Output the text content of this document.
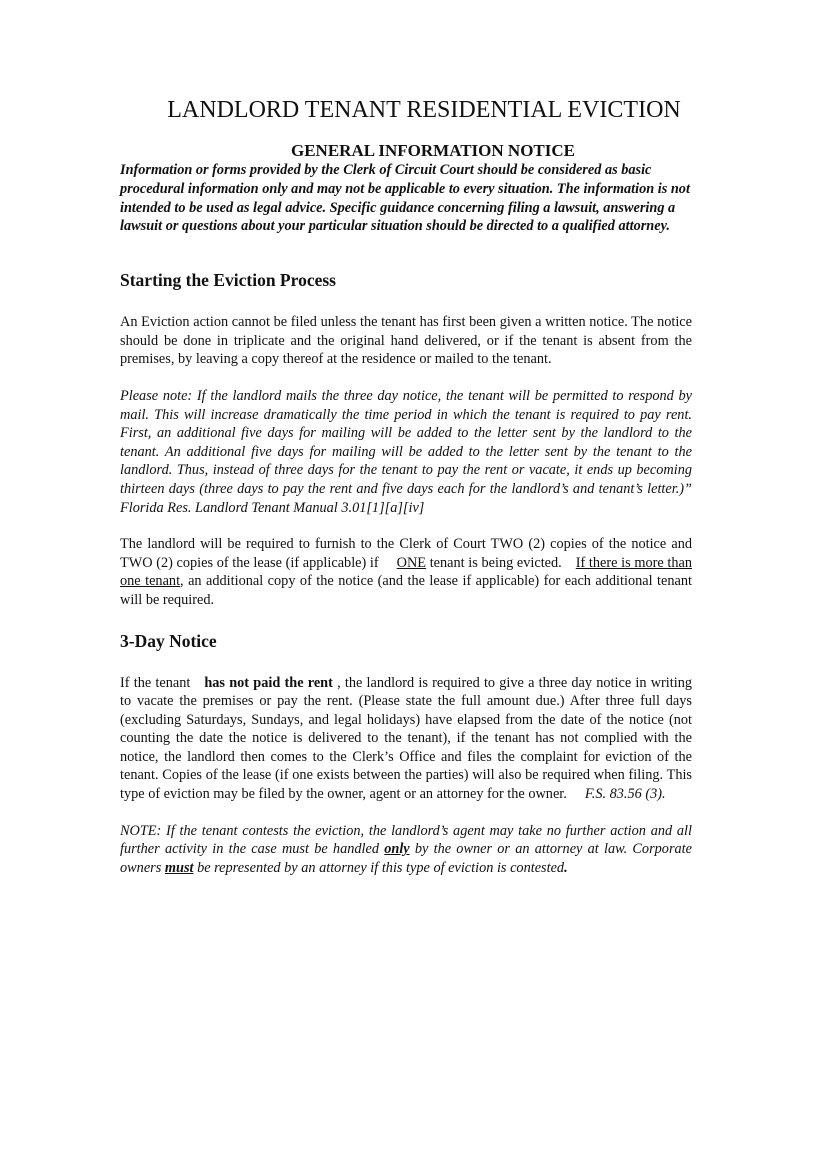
LANDLORD TENANT RESIDENTIAL EVICTION
GENERAL INFORMATION NOTICE

Information or forms provided by the Clerk of Circuit Court should be considered as basic procedural information only and may not be applicable to every situation. The information is not intended to be used as legal advice. Specific guidance concerning filing a lawsuit, answering a lawsuit or questions about your particular situation should be directed to a qualified attorney.

Starting the Eviction Process

An Eviction action cannot be filed unless the tenant has first been given a written notice. The notice should be done in triplicate and the original hand delivered, or if the tenant is absent from the premises, by leaving a copy thereof at the residence or mailed to the tenant.

Please note: If the landlord mails the three day notice, the tenant will be permitted to respond by mail. This will increase dramatically the time period in which the tenant is required to pay rent. First, an additional five days for mailing will be added to the letter sent by the landlord to the tenant. An additional five days for mailing will be added to the letter sent by the tenant to the landlord. Thus, instead of three days for the tenant to pay the rent or vacate, it ends up becoming thirteen days (three days to pay the rent and five days each for the landlord’s and tenant’s letter.)” Florida Res. Landlord Tenant Manual 3.01[1][a][iv]

The landlord will be required to furnish to the Clerk of Court TWO (2) copies of the notice and TWO (2) copies of the lease (if applicable) if ONE tenant is being evicted. If there is more than one tenant, an additional copy of the notice (and the lease if applicable) for each additional tenant will be required.

3-Day Notice

If the tenant has not paid the rent , the landlord is required to give a three day notice in writing to vacate the premises or pay the rent. (Please state the full amount due.) After three full days (excluding Saturdays, Sundays, and legal holidays) have elapsed from the date of the notice (not counting the date the notice is delivered to the tenant), if the tenant has not complied with the notice, the landlord then comes to the Clerk’s Office and files the complaint for eviction of the tenant. Copies of the lease (if one exists between the parties) will also be required when filing. This type of eviction may be filed by the owner, agent or an attorney for the owner. F.S. 83.56 (3).

NOTE: If the tenant contests the eviction, the landlord’s agent may take no further action and all further activity in the case must be handled only by the owner or an attorney at law. Corporate owners must be represented by an attorney if this type of eviction is contested.
